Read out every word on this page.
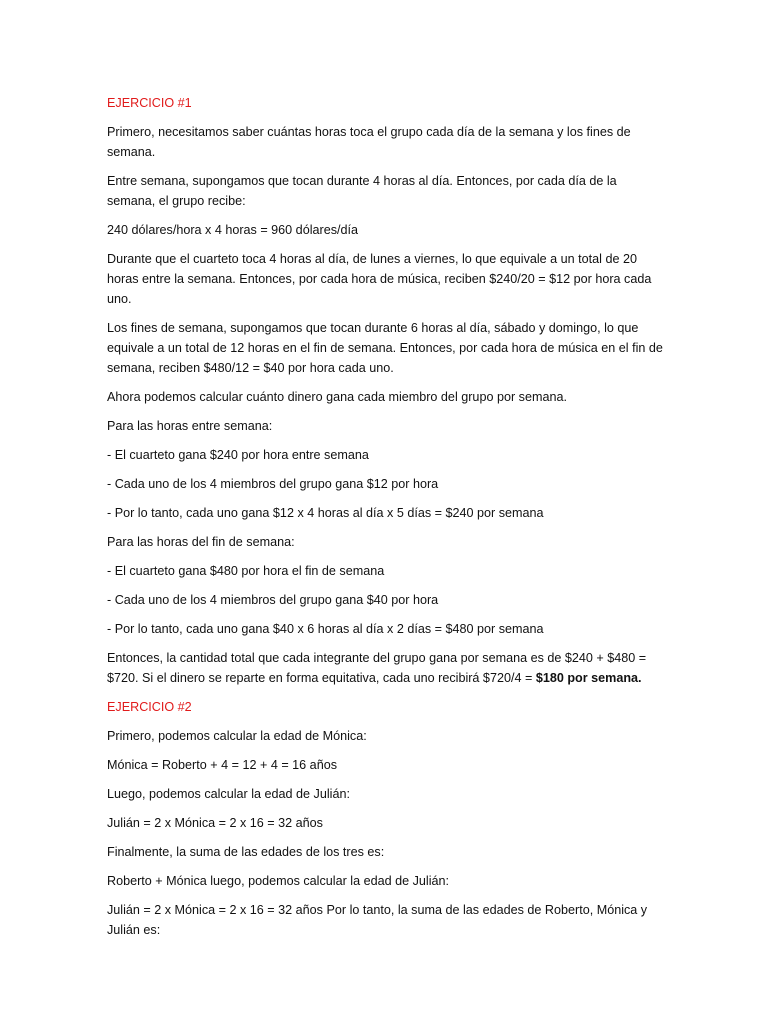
EJERCICIO #1

Primero, necesitamos saber cuántas horas toca el grupo cada día de la semana y los fines de semana.

Entre semana, supongamos que tocan durante 4 horas al día. Entonces, por cada día de la semana, el grupo recibe:

240 dólares/hora x 4 horas = 960 dólares/día

Durante que el cuarteto toca 4 horas al día, de lunes a viernes, lo que equivale a un total de 20 horas entre la semana. Entonces, por cada hora de música, reciben $240/20 = $12 por hora cada uno.

Los fines de semana, supongamos que tocan durante 6 horas al día, sábado y domingo, lo que equivale a un total de 12 horas en el fin de semana. Entonces, por cada hora de música en el fin de semana, reciben $480/12 = $40 por hora cada uno.

Ahora podemos calcular cuánto dinero gana cada miembro del grupo por semana.

Para las horas entre semana:

- El cuarteto gana $240 por hora entre semana

- Cada uno de los 4 miembros del grupo gana $12 por hora

- Por lo tanto, cada uno gana $12 x 4 horas al día x 5 días = $240 por semana

Para las horas del fin de semana:

- El cuarteto gana $480 por hora el fin de semana

- Cada uno de los 4 miembros del grupo gana $40 por hora

- Por lo tanto, cada uno gana $40 x 6 horas al día x 2 días = $480 por semana

Entonces, la cantidad total que cada integrante del grupo gana por semana es de $240 + $480 = $720. Si el dinero se reparte en forma equitativa, cada uno recibirá $720/4 = $180 por semana.

EJERCICIO #2

Primero, podemos calcular la edad de Mónica:

Mónica = Roberto + 4 = 12 + 4 = 16 años

Luego, podemos calcular la edad de Julián:

Julián = 2 x Mónica = 2 x 16 = 32 años

Finalmente, la suma de las edades de los tres es:

Roberto + Mónica luego, podemos calcular la edad de Julián:

Julián = 2 x Mónica = 2 x 16 = 32 años Por lo tanto, la suma de las edades de Roberto, Mónica y Julián es:
